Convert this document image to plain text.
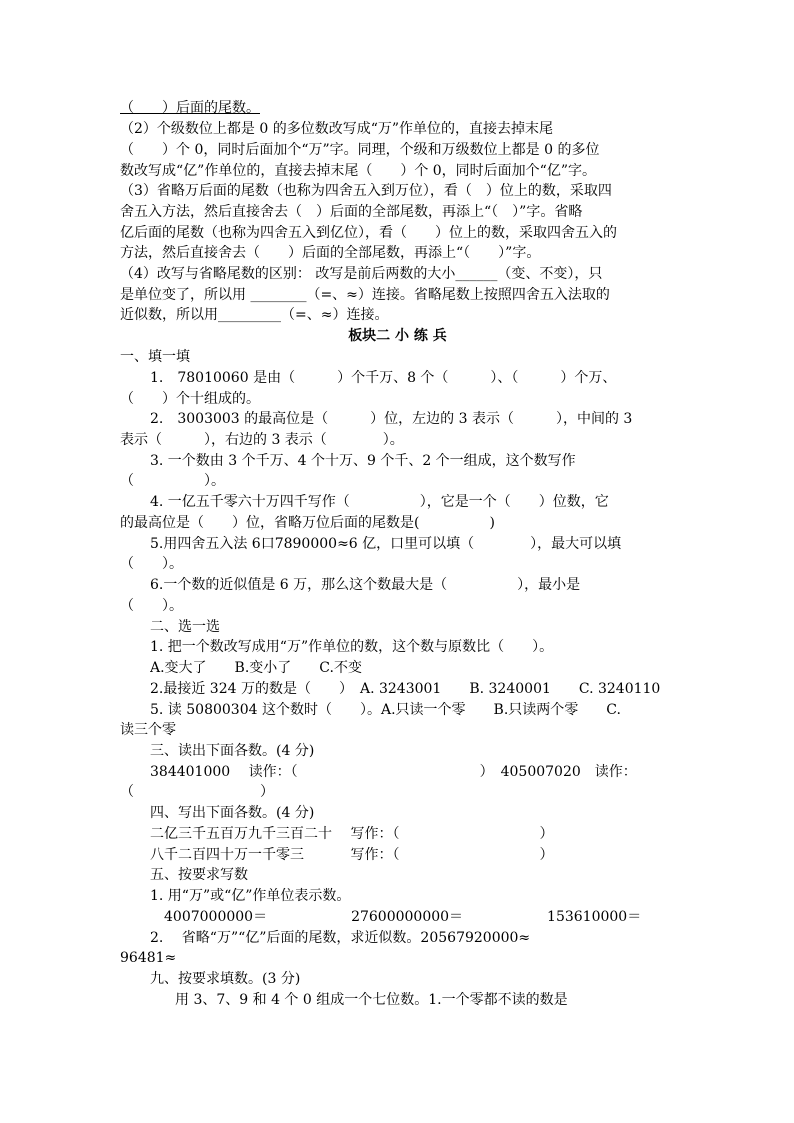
（　　）后面的尾数。
（2）个级数位上都是 0 的多位数改写成“万”作单位的，直接去掉末尾
（　　）个 0，同时后面加个“万”字。同理，个级和万级数位上都是 0 的多位
数改写成“亿”作单位的，直接去掉末尾（　　）个 0，同时后面加个“亿”字。
（3）省略万后面的尾数（也称为四舍五入到万位），看（　）位上的数，采取四
舍五入方法，然后直接舍去（　）后面的全部尾数，再添上“（　）”字。省略
亿后面的尾数（也称为四舍五入到亿位），看（　　）位上的数，采取四舍五入的
方法，然后直接舍去（　　）后面的全部尾数，再添上“（　　）”字。
（4）改写与省略尾数的区别： 改写是前后两数的大小______（变、不变），只
是单位变了，所以用 ________（=、≈）连接。省略尾数上按照四舍五入法取的
近似数，所以用_________（=、≈）连接。
板块二 小 练 兵
一、填一填
1.　78010060 是由（　　　）个千万、8 个（　　　）、（　　　）个万、
（　　）个十组成的。
2.　3003003 的最高位是（　　　）位，左边的 3 表示（　　　），中间的 3
表示（　　　），右边的 3 表示（　　　　）。
3. 一个数由 3 个千万、4 个十万、9 个千、2 个一组成，这个数写作
（　　　　　）。
4. 一亿五千零六十万四千写作（　　　　　），它是一个（　　）位数，它
的最高位是（　　）位，省略万位后面的尾数是(　　　　　)
5.用四舍五入法 6口7890000≈6 亿，口里可以填（　　　　），最大可以填
（　　）。
6.一个数的近似值是 6 万，那么这个数最大是（　　　　　），最小是
（　　）。
二、选一选
1. 把一个数改写成用“万”作单位的数，这个数与原数比（　　）。
A.变大了　　B.变小了　　C.不变
2.最接近 324 万的数是（　　）　A. 3243001　　B. 3240001　　C. 3240110
5. 读 50800304 这个数时（　　）。A.只读一个零　　B.只读两个零　　C.
读三个零
三、读出下面各数。(4 分)
384401000　 读作：（　　　　　　　　　　　　　）　405007020　读作：
（　　　　　　　　　）
四、写出下面各数。(4 分)
二亿三千五百万九千三百二十　 写作：（　　　　　　　　　　）
八千二百四十万一千零三　　　 写作：（　　　　　　　　　　）
五、按要求写数
1. 用“万”或“亿”作单位表示数。
　4007000000＝　　　　　　27600000000＝　　　　　　153610000＝
2.　 省略“万”“亿”后面的尾数，求近似数。20567920000≈
96481≈
九、按要求填数。(3 分)
用 3、7、9 和 4 个 0 组成一个七位数。1.一个零都不读的数是
